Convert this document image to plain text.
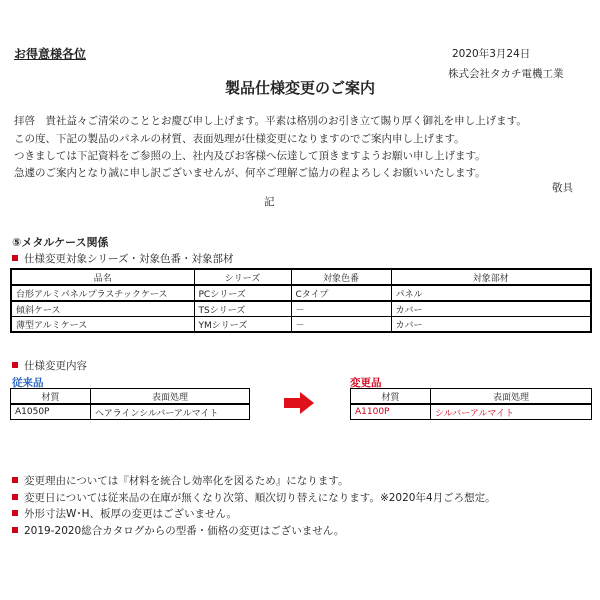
お得意様各位	2020年3月24日
株式会社タカチ電機工業
製品仕様変更のご案内
拝啓　貴社益々ご清栄のこととお慶び申し上げます。平素は格別のお引き立て賜り厚く御礼を申し上げます。
この度、下記の製品のパネルの材質、表面処理が仕様変更になりますのでご案内申し上げます。
つきましては下記資料をご参照の上、社内及びお客様へ伝達して頂きますようお願い申し上げます。
急遽のご案内となり誠に申し訳ございませんが、何卒ご理解ご協力の程よろしくお願いいたします。
敬具
記
⑤メタルケース関係
仕様変更対象シリーズ・対象色番・対象部材
品名	シリーズ	対象色番	対象部材
台形アルミパネルプラスチックケース	PCシリーズ	Cタイプ	パネル
傾斜ケース	TSシリーズ	－	カバー
薄型アルミケース	YMシリーズ	－	カバー
仕様変更内容
従来品
材質	表面処理
A1050P	ヘアラインシルバーアルマイト
変更品
材質	表面処理
A1100P	シルバーアルマイト
変更理由については『材料を統合し効率化を図るため』になります。
変更日については従来品の在庫が無くなり次第、順次切り替えになります。※2020年4月ごろ想定。
外形寸法W･H、板厚の変更はございません。
2019-2020総合カタログからの型番・価格の変更はございません。
